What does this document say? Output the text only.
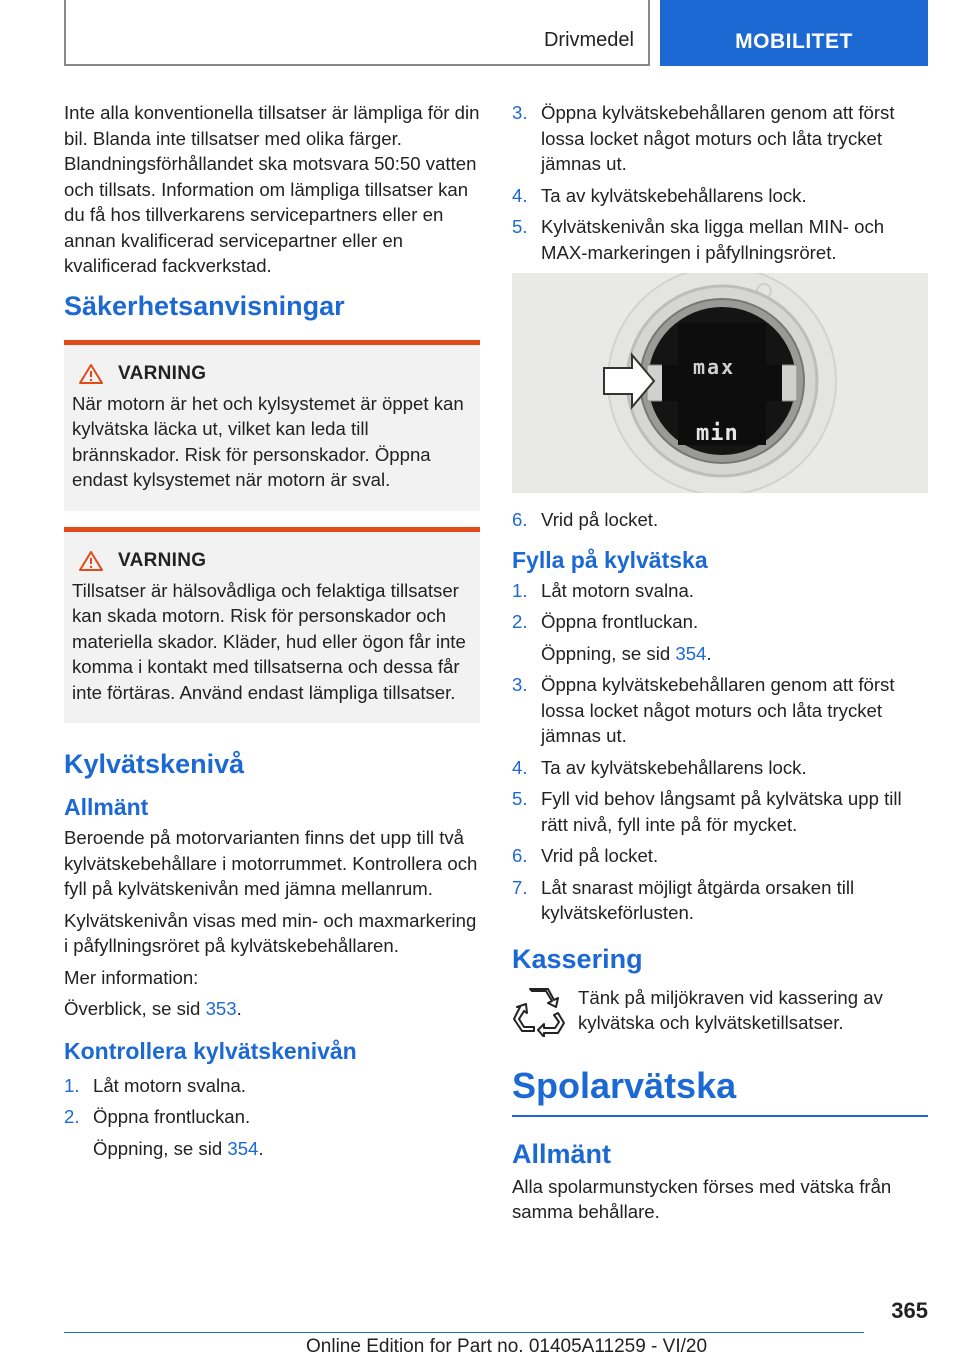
Drivmedel	MOBILITET

Inte alla konventionella tillsatser är lämpliga för din bil. Blanda inte tillsatser med olika färger. Blandningsförhållandet ska motsvara 50:50 vatten och tillsats. Information om lämpliga tillsatser kan du få hos tillverkarens servicepartners eller en annan kvalificerad servicepartner eller en kvalificerad fackverkstad.

Säkerhetsanvisningar
VARNING

När motorn är het och kylsystemet är öppet kan kylvätska läcka ut, vilket kan leda till brännskador. Risk för personskador. Öppna endast kylsystemet när motorn är sval.

VARNING

Tillsatser är hälsovådliga och felaktiga tillsatser kan skada motorn. Risk för personskador och materiella skador. Kläder, hud eller ögon får inte komma i kontakt med tillsatserna och dessa får inte förtäras. Använd endast lämpliga tillsatser.

Kylvätskenivå
Allmänt

Beroende på motorvarianten finns det upp till två kylvätskebehållare i motorrummet. Kontrollera och fyll på kylvätskenivån med jämna mellanrum.

Kylvätskenivån visas med min- och maxmarkering i påfyllningsröret på kylvätskebehållaren.

Mer information:

Överblick, se sid 353.

Kontrollera kylvätskenivån
1. Låt motorn svalna.
2. Öppna frontluckan.

Öppning, se sid 354.

3. Öppna kylvätskebehållaren genom att först lossa locket något moturs och låta trycket jämnas ut.
4. Ta av kylvätskebehållarens lock.
5. Kylvätskenivån ska ligga mellan MIN- och MAX-markeringen i påfyllningsröret.
max
min
6. Vrid på locket.
Fylla på kylvätska
1. Låt motorn svalna.
2. Öppna frontluckan.

Öppning, se sid 354.

3. Öppna kylvätskebehållaren genom att först lossa locket något moturs och låta trycket jämnas ut.
4. Ta av kylvätskebehållarens lock.
5. Fyll vid behov långsamt på kylvätska upp till rätt nivå, fyll inte på för mycket.
6. Vrid på locket.
7. Låt snarast möjligt åtgärda orsaken till kylvätskeförlusten.
Kassering

Tänk på miljökraven vid kassering av kylvätska och kylvätsketillsatser.

Spolarvätska
Allmänt

Alla spolarmunstycken förses med vätska från samma behållare.

365
Online Edition for Part no. 01405A11259 - VI/20
